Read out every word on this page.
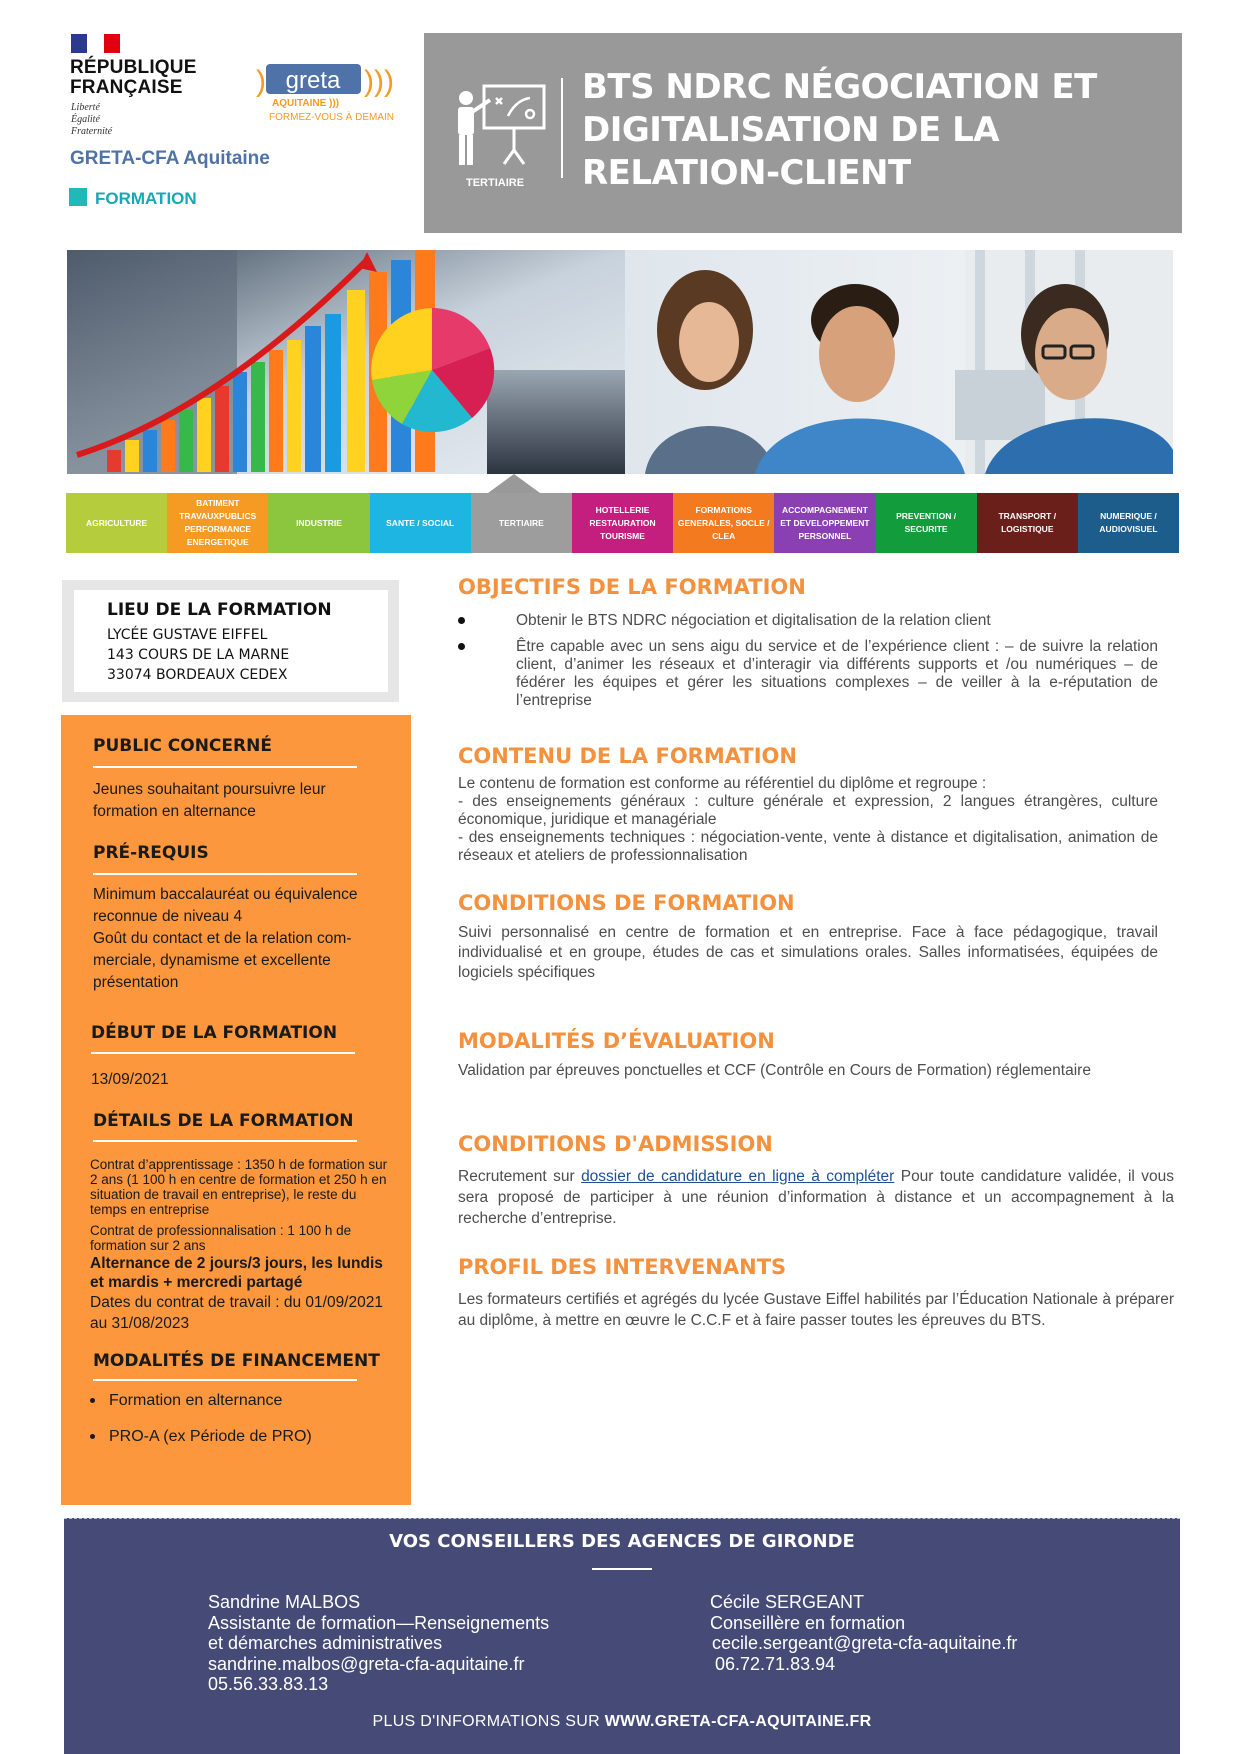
RÉPUBLIQUE
FRANÇAISE
Liberté
Égalité
Fraternité
) greta )))
AQUITAINE )))
FORMEZ-VOUS À DEMAIN
GRETA-CFA Aquitaine
FORMATION
TERTIAIRE
BTS NDRC NÉGOCIATION ET DIGITALISATION DE LA RELATION-CLIENT
AGRICULTURE
BATIMENT TRAVAUXPUBLICS PERFORMANCE ENERGETIQUE
INDUSTRIE	SANTE / SOCIAL	TERTIAIRE
HOTELLERIE RESTAURATION TOURISME
FORMATIONS GENERALES, SOCLE / CLEA
ACCOMPAGNEMENT ET DEVELOPPEMENT PERSONNEL
PREVENTION / SECURITE
TRANSPORT / LOGISTIQUE
NUMERIQUE / AUDIOVISUEL
LIEU DE LA FORMATION
LYCÉE GUSTAVE EIFFEL
143 COURS DE LA MARNE
33074 BORDEAUX CEDEX
PUBLIC CONCERNÉ
Jeunes souhaitant poursuivre leur formation en alternance
PRÉ-REQUIS
Minimum baccalauréat ou équivalence reconnue de niveau 4
Goût du contact et de la relation com-merciale, dynamisme et excellente présentation
DÉBUT DE LA FORMATION
13/09/2021
DÉTAILS DE LA FORMATION
Contrat d’apprentissage : 1350 h de formation sur 2 ans (1 100 h en centre de formation et 250 h en situation de travail en entreprise), le reste du temps en entreprise
Contrat de professionnalisation : 1 100 h de formation sur 2 ans
Alternance de 2 jours/3 jours, les lundis et mardis + mercredi partagé
Dates du contrat de travail : du 01/09/2021 au 31/08/2023
MODALITÉS DE FINANCEMENT
Formation en alternance
PRO-A (ex Période de PRO)
OBJECTIFS DE LA FORMATION
Obtenir le BTS NDRC négociation et digitalisation de la relation client
Être capable avec un sens aigu du service et de l’expérience client : – de suivre la relation client, d’animer les réseaux et d’interagir via différents supports et /ou numériques – de fédérer les équipes et gérer les situations complexes – de veiller à la e-réputation de l’entreprise
CONTENU DE LA FORMATION
Le contenu de formation est conforme au référentiel du diplôme et regroupe :
- des enseignements généraux : culture générale et expression, 2 langues étrangères, culture économique, juridique et managériale
- des enseignements techniques : négociation-vente, vente à distance et digitalisation, animation de réseaux et ateliers de professionnalisation
CONDITIONS DE FORMATION
Suivi personnalisé en centre de formation et en entreprise. Face à face pédagogique, travail individualisé et en groupe, études de cas et simulations orales. Salles informatisées, équipées de logiciels spécifiques
MODALITÉS D’ÉVALUATION
Validation par épreuves ponctuelles et CCF (Contrôle en Cours de Formation) réglementaire
CONDITIONS D'ADMISSION
Recrutement sur dossier de candidature en ligne à compléter Pour toute candidature validée, il vous sera proposé de participer à une réunion d’information à distance et un accompagnement à la recherche d’entreprise.
PROFIL DES INTERVENANTS
Les formateurs certifiés et agrégés du lycée Gustave Eiffel habilités par l’Éducation Nationale à préparer au diplôme, à mettre en œuvre le C.C.F et à faire passer toutes les épreuves du BTS.
VOS CONSEILLERS DES AGENCES DE GIRONDE
Sandrine MALBOS
Assistante de formation—Renseignements
et démarches administratives
sandrine.malbos@greta-cfa-aquitaine.fr
05.56.33.83.13
Cécile SERGEANT
Conseillère en formation
cecile.sergeant@greta-cfa-aquitaine.fr
06.72.71.83.94
PLUS D'INFORMATIONS SUR WWW.GRETA-CFA-AQUITAINE.FR
